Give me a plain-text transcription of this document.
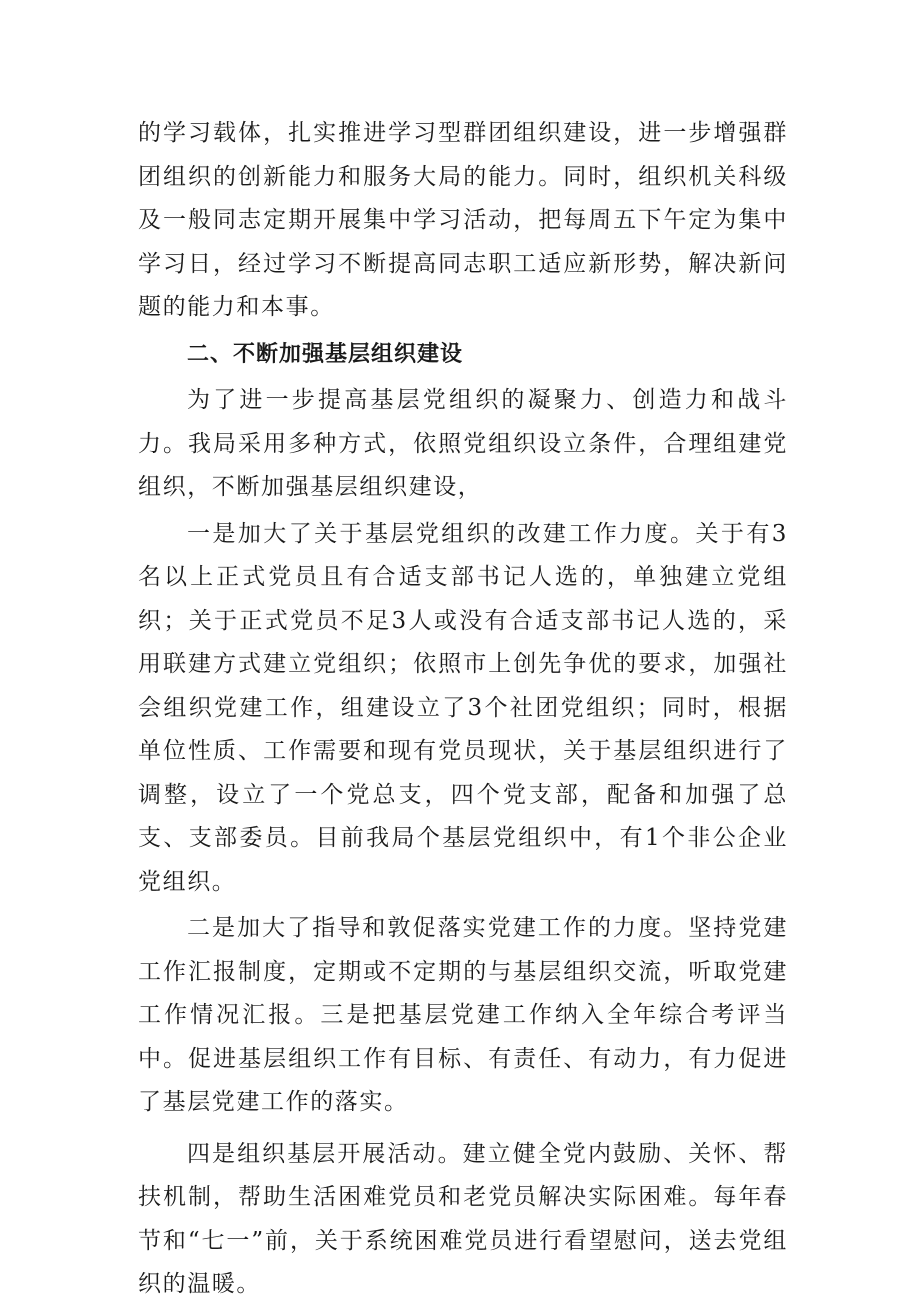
的学习载体，扎实推进学习型群团组织建设，进一步增强群团组织的创新能力和服务大局的能力。同时，组织机关科级及一般同志定期开展集中学习活动，把每周五下午定为集中学习日，经过学习不断提高同志职工适应新形势，解决新问题的能力和本事。

二、不断加强基层组织建设

为了进一步提高基层党组织的凝聚力、创造力和战斗力。我局采用多种方式，依照党组织设立条件，合理组建党组织，不断加强基层组织建设，

一是加大了关于基层党组织的改建工作力度。关于有3名以上正式党员且有合适支部书记人选的，单独建立党组织；关于正式党员不足3人或没有合适支部书记人选的，采用联建方式建立党组织；依照市上创先争优的要求，加强社会组织党建工作，组建设立了3个社团党组织；同时，根据单位性质、工作需要和现有党员现状，关于基层组织进行了调整，设立了一个党总支，四个党支部，配备和加强了总支、支部委员。目前我局个基层党组织中，有1个非公企业党组织。

二是加大了指导和敦促落实党建工作的力度。坚持党建工作汇报制度，定期或不定期的与基层组织交流，听取党建工作情况汇报。三是把基层党建工作纳入全年综合考评当中。促进基层组织工作有目标、有责任、有动力，有力促进了基层党建工作的落实。

四是组织基层开展活动。建立健全党内鼓励、关怀、帮扶机制，帮助生活困难党员和老党员解决实际困难。每年春节和“七一”前，关于系统困难党员进行看望慰问，送去党组织的温暖。
